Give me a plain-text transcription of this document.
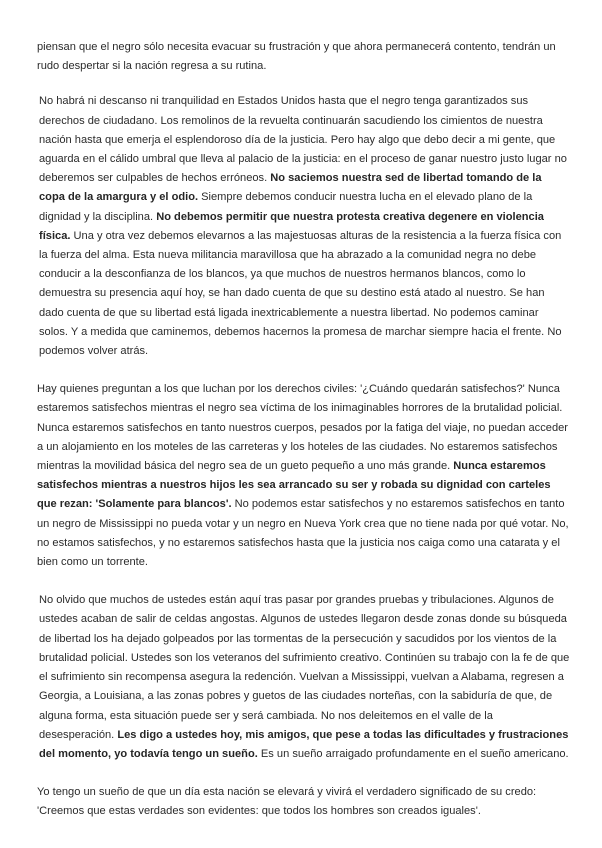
piensan que el negro sólo necesita evacuar su frustración y que ahora permanecerá contento, tendrán un rudo despertar si la nación regresa a su rutina.

No habrá ni descanso ni tranquilidad en Estados Unidos hasta que el negro tenga garantizados sus derechos de ciudadano. Los remolinos de la revuelta continuarán sacudiendo los cimientos de nuestra nación hasta que emerja el esplendoroso día de la justicia. Pero hay algo que debo decir a mi gente, que aguarda en el cálido umbral que lleva al palacio de la justicia: en el proceso de ganar nuestro justo lugar no deberemos ser culpables de hechos erróneos. No saciemos nuestra sed de libertad tomando de la copa de la amargura y el odio. Siempre debemos conducir nuestra lucha en el elevado plano de la dignidad y la disciplina. No debemos permitir que nuestra protesta creativa degenere en violencia física. Una y otra vez debemos elevarnos a las majestuosas alturas de la resistencia a la fuerza física con la fuerza del alma. Esta nueva militancia maravillosa que ha abrazado a la comunidad negra no debe conducir a la desconfianza de los blancos, ya que muchos de nuestros hermanos blancos, como lo demuestra su presencia aquí hoy, se han dado cuenta de que su destino está atado al nuestro. Se han dado cuenta de que su libertad está ligada inextricablemente a nuestra libertad. No podemos caminar solos. Y a medida que caminemos, debemos hacernos la promesa de marchar siempre hacia el frente. No podemos volver atrás.

Hay quienes preguntan a los que luchan por los derechos civiles: '¿Cuándo quedarán satisfechos?' Nunca estaremos satisfechos mientras el negro sea víctima de los inimaginables horrores de la brutalidad policial. Nunca estaremos satisfechos en tanto nuestros cuerpos, pesados por la fatiga del viaje, no puedan acceder a un alojamiento en los moteles de las carreteras y los hoteles de las ciudades. No estaremos satisfechos mientras la movilidad básica del negro sea de un gueto pequeño a uno más grande. Nunca estaremos satisfechos mientras a nuestros hijos les sea arrancado su ser y robada su dignidad con carteles que rezan: 'Solamente para blancos'. No podemos estar satisfechos y no estaremos satisfechos en tanto un negro de Mississippi no pueda votar y un negro en Nueva York crea que no tiene nada por qué votar. No, no estamos satisfechos, y no estaremos satisfechos hasta que la justicia nos caiga como una catarata y el bien como un torrente.

No olvido que muchos de ustedes están aquí tras pasar por grandes pruebas y tribulaciones. Algunos de ustedes acaban de salir de celdas angostas. Algunos de ustedes llegaron desde zonas donde su búsqueda de libertad los ha dejado golpeados por las tormentas de la persecución y sacudidos por los vientos de la brutalidad policial. Ustedes son los veteranos del sufrimiento creativo. Continúen su trabajo con la fe de que el sufrimiento sin recompensa asegura la redención. Vuelvan a Mississippi, vuelvan a Alabama, regresen a Georgia, a Louisiana, a las zonas pobres y guetos de las ciudades norteñas, con la sabiduría de que, de alguna forma, esta situación puede ser y será cambiada. No nos deleitemos en el valle de la desesperación. Les digo a ustedes hoy, mis amigos, que pese a todas las dificultades y frustraciones del momento, yo todavía tengo un sueño. Es un sueño arraigado profundamente en el sueño americano.

Yo tengo un sueño de que un día esta nación se elevará y vivirá el verdadero significado de su credo: 'Creemos que estas verdades son evidentes: que todos los hombres son creados iguales'.
